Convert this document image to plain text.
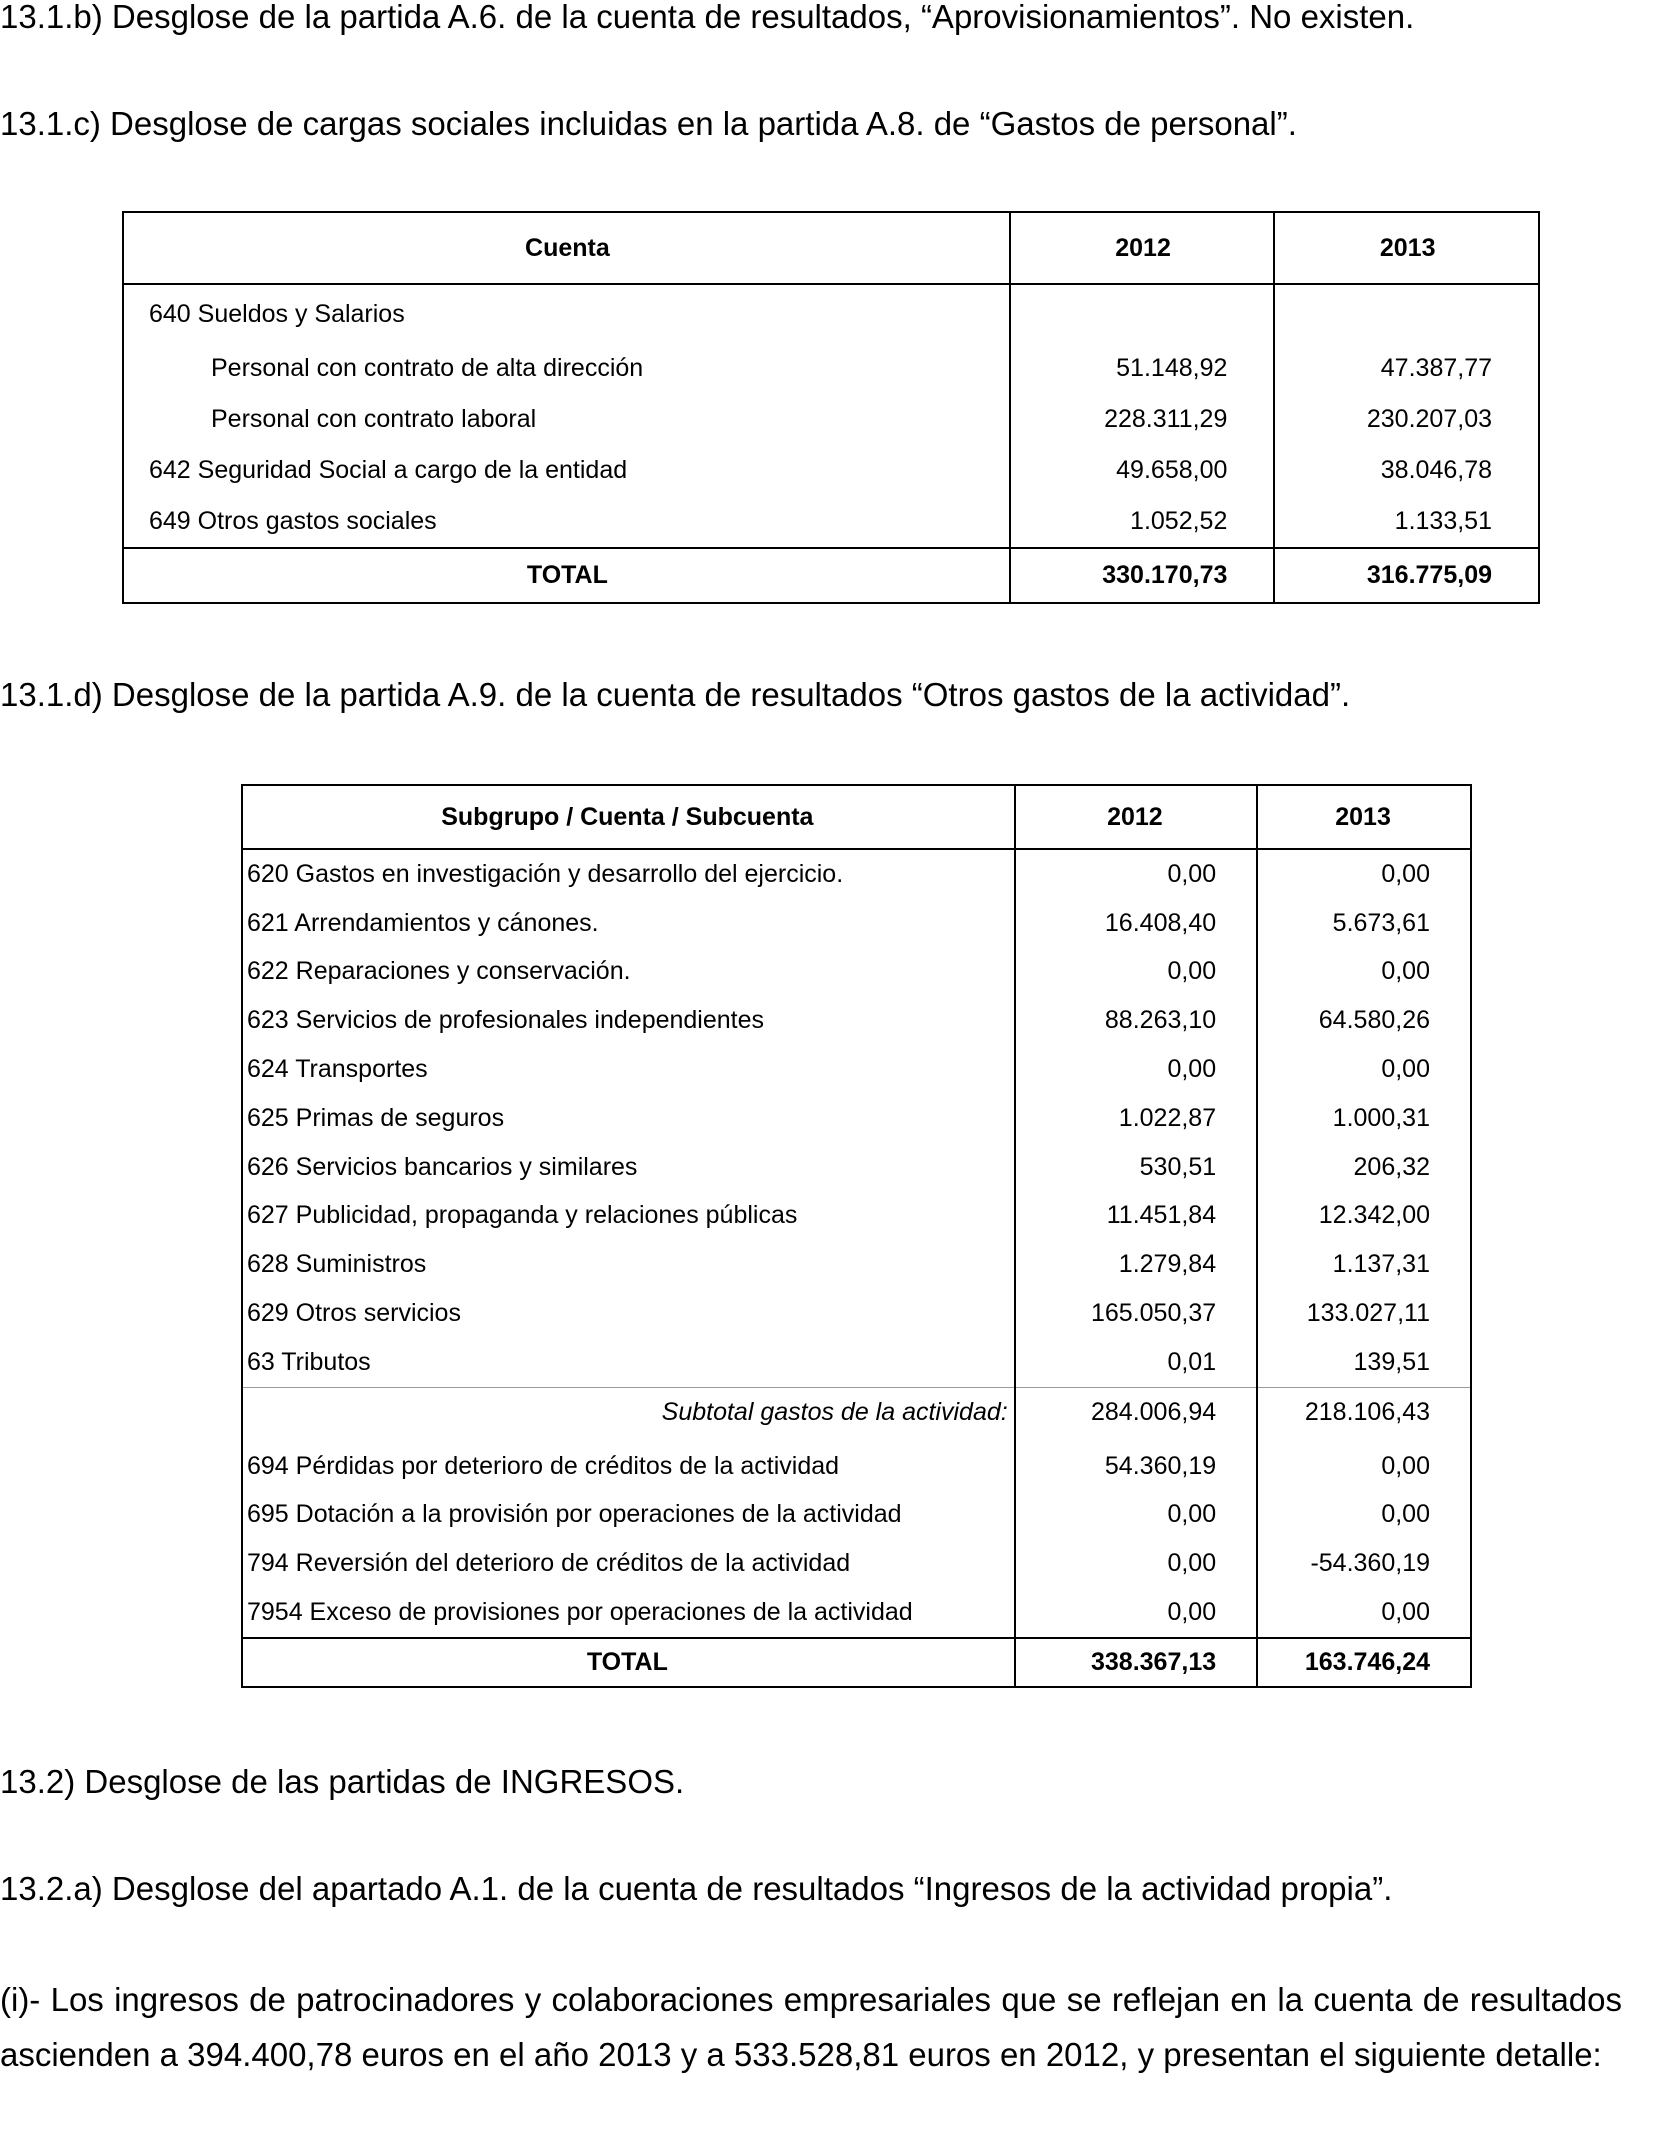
13.1.b) Desglose de la partida A.6. de la cuenta de resultados, “Aprovisionamientos”. No existen.

13.1.c) Desglose de cargas sociales incluidas en la partida A.8. de “Gastos de personal”.

Cuenta	2012	2013
640 Sueldos y Salarios		
Personal con contrato de alta dirección	51.148,92	47.387,77
Personal con contrato laboral	228.311,29	230.207,03
642 Seguridad Social a cargo de la entidad	49.658,00	38.046,78
649 Otros gastos sociales	1.052,52	1.133,51
TOTAL	330.170,73	316.775,09

13.1.d) Desglose de la partida A.9. de la cuenta de resultados “Otros gastos de la actividad”.

Subgrupo / Cuenta / Subcuenta	2012	2013
620 Gastos en investigación y desarrollo del ejercicio.	0,00	0,00
621 Arrendamientos y cánones.	16.408,40	5.673,61
622 Reparaciones y conservación.	0,00	0,00
623 Servicios de profesionales independientes	88.263,10	64.580,26
624 Transportes	0,00	0,00
625 Primas de seguros	1.022,87	1.000,31
626 Servicios bancarios y similares	530,51	206,32
627 Publicidad, propaganda y relaciones públicas	11.451,84	12.342,00
628 Suministros	1.279,84	1.137,31
629 Otros servicios	165.050,37	133.027,11
63 Tributos	0,01	139,51
Subtotal gastos de la actividad:	284.006,94	218.106,43

694 Pérdidas por deterioro de créditos de la actividad	54.360,19	0,00
695 Dotación a la provisión por operaciones de la actividad	0,00	0,00
794 Reversión del deterioro de créditos de la actividad	0,00	-54.360,19
7954 Exceso de provisiones por operaciones de la actividad	0,00	0,00
TOTAL	338.367,13	163.746,24

13.2) Desglose de las partidas de INGRESOS.

13.2.a) Desglose del apartado A.1. de la cuenta de resultados “Ingresos de la actividad propia”.

(i)- Los ingresos de patrocinadores y colaboraciones empresariales que se reflejan en la cuenta de resultados ascienden a 394.400,78 euros en el año 2013 y a 533.528,81 euros en 2012, y presentan el siguiente detalle:
